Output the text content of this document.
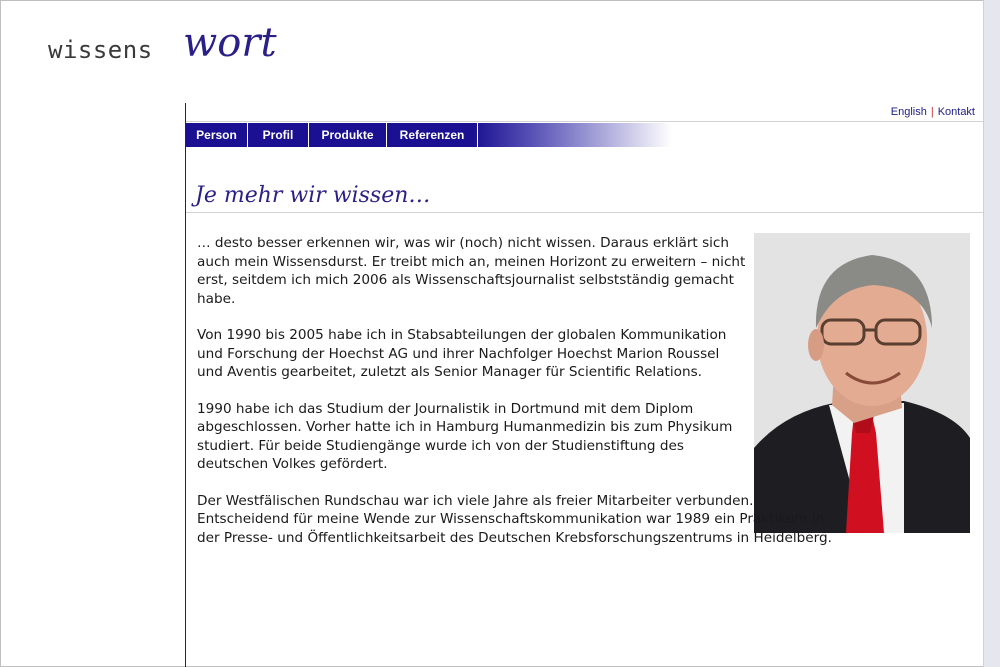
wissens wort
English | Kontakt
Person	Profil	Produkte	Referenzen
Je mehr wir wissen…

… desto besser erkennen wir, was wir (noch) nicht wissen. Daraus erklärt sich auch mein Wissensdurst. Er treibt mich an, meinen Horizont zu erweitern – nicht erst, seitdem ich mich 2006 als Wissenschaftsjournalist selbstständig gemacht habe.

Von 1990 bis 2005 habe ich in Stabsabteilungen der globalen Kommunikation und Forschung der Hoechst AG und ihrer Nachfolger Hoechst Marion Roussel und Aventis gearbeitet, zuletzt als Senior Manager für Scientific Relations.

1990 habe ich das Studium der Journalistik in Dortmund mit dem Diplom abgeschlossen. Vorher hatte ich in Hamburg Humanmedizin bis zum Physikum studiert. Für beide Studiengänge wurde ich von der Studienstiftung des deutschen Volkes gefördert.

Der Westfälischen Rundschau war ich viele Jahre als freier Mitarbeiter verbunden. Entscheidend für meine Wende zur Wissenschaftskommunikation war 1989 ein Praktikum in der Presse- und Öffentlichkeitsarbeit des Deutschen Krebsforschungszentrums in Heidelberg.
